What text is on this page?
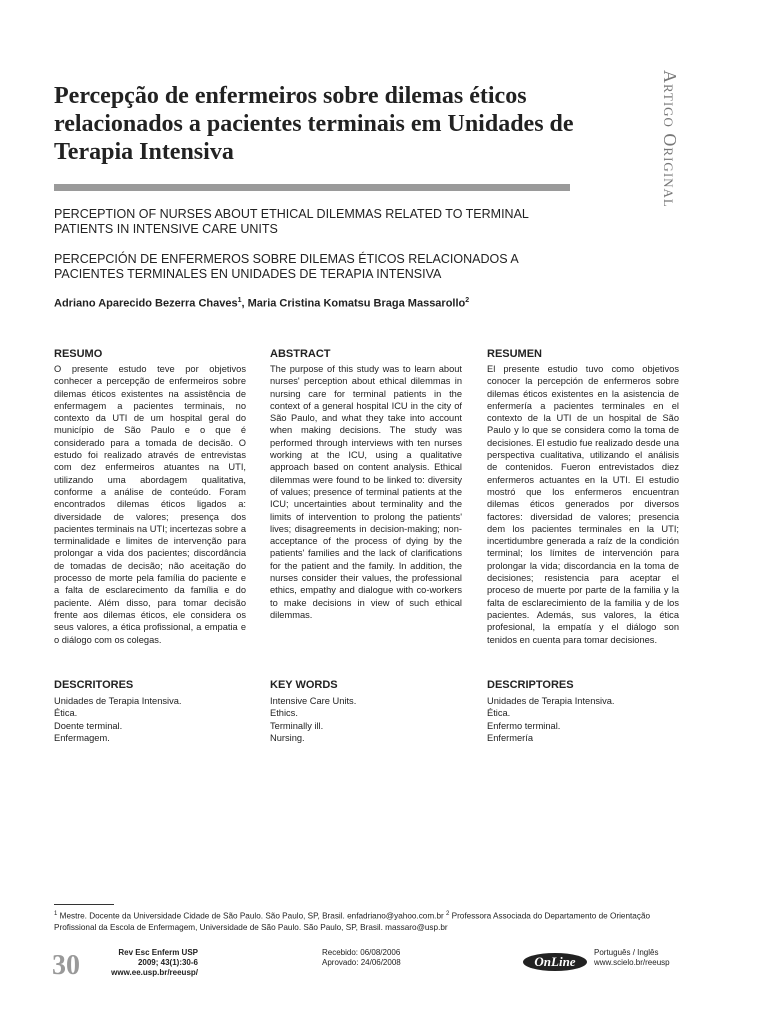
Artigo Original
Percepção de enfermeiros sobre dilemas éticos relacionados a pacientes terminais em Unidades de Terapia Intensiva

PERCEPTION OF NURSES ABOUT ETHICAL DILEMMAS RELATED TO TERMINAL PATIENTS IN INTENSIVE CARE UNITS

PERCEPCIÓN DE ENFERMEROS SOBRE DILEMAS ÉTICOS RELACIONADOS A PACIENTES TERMINALES EN UNIDADES DE TERAPIA INTENSIVA

Adriano Aparecido Bezerra Chaves$^1$, Maria Cristina Komatsu Braga Massarollo$^2$
RESUMO

O presente estudo teve por objetivos conhecer a percepção de enfermeiros sobre dilemas éticos existentes na assistência de enfermagem a pacientes terminais, no contexto da UTI de um hospital geral do município de São Paulo e o que é considerado para a tomada de decisão. O estudo foi realizado através de entrevistas com dez enfermeiros atuantes na UTI, utilizando uma abordagem qualitativa, conforme a análise de conteúdo. Foram encontrados dilemas éticos ligados a: diversidade de valores; presença dos pacientes terminais na UTI; incertezas sobre a terminalidade e limites de intervenção para prolongar a vida dos pacientes; discordância de tomadas de decisão; não aceitação do processo de morte pela família do paciente e a falta de esclarecimento da família e do paciente. Além disso, para tomar decisão frente aos dilemas éticos, ele considera os seus valores, a ética profissional, a empatia e o diálogo com os colegas.

ABSTRACT

The purpose of this study was to learn about nurses' perception about ethical dilemmas in nursing care for terminal patients in the context of a general hospital ICU in the city of São Paulo, and what they take into account when making decisions. The study was performed through interviews with ten nurses working at the ICU, using a qualitative approach based on content analysis. Ethical dilemmas were found to be linked to: diversity of values; presence of terminal patients at the ICU; uncertainties about terminality and the limits of intervention to prolong the patients' lives; disagreements in decision-making; non-acceptance of the process of dying by the patients' families and the lack of clarifications for the patient and the family. In addition, the nurses consider their values, the professional ethics, empathy and dialogue with co-workers to make decisions in view of such ethical dilemmas.

RESUMEN

El presente estudio tuvo como objetivos conocer la percepción de enfermeros sobre dilemas éticos existentes en la asistencia de enfermería a pacientes terminales en el contexto de la UTI de un hospital de São Paulo y lo que se considera como la toma de decisiones. El estudio fue realizado desde una perspectiva cualitativa, utilizando el análisis de contenidos. Fueron entrevistados diez enfermeros actuantes en la UTI. El estudio mostró que los enfermeros encuentran dilemas éticos generados por diversos factores: diversidad de valores; presencia dem los pacientes terminales en la UTI; incertidumbre generada a raíz de la condición terminal; los límites de intervención para prolongar la vida; discordancia en la toma de decisiones; resistencia para aceptar el proceso de muerte por parte de la familia y la falta de esclarecimiento de la familia y de los pacientes. Además, sus valores, la ética profesional, la empatía y el diálogo son tenidos en cuenta para tomar decisiones.

DESCRITORES
Unidades de Terapia Intensiva.
Ética.
Doente terminal.
Enfermagem.
KEY WORDS
Intensive Care Units.
Ethics.
Terminally ill.
Nursing.
DESCRIPTORES
Unidades de Terapia Intensiva.
Ética.
Enfermo terminal.
Enfermería
$^1$ Mestre. Docente da Universidade Cidade de São Paulo. São Paulo, SP, Brasil. enfadriano@yahoo.com.br $^2$ Professora Associada do Departamento de Orientação Profissional da Escola de Enfermagem, Universidade de São Paulo. São Paulo, SP, Brasil. massaro@usp.br
30	Rev Esc Enferm USP
2009; 43(1):30-6
www.ee.usp.br/reeusp/
Recebido: 06/08/2006
Aprovado: 24/06/2008	OnLine
Português / Inglês
www.scielo.br/reeusp
